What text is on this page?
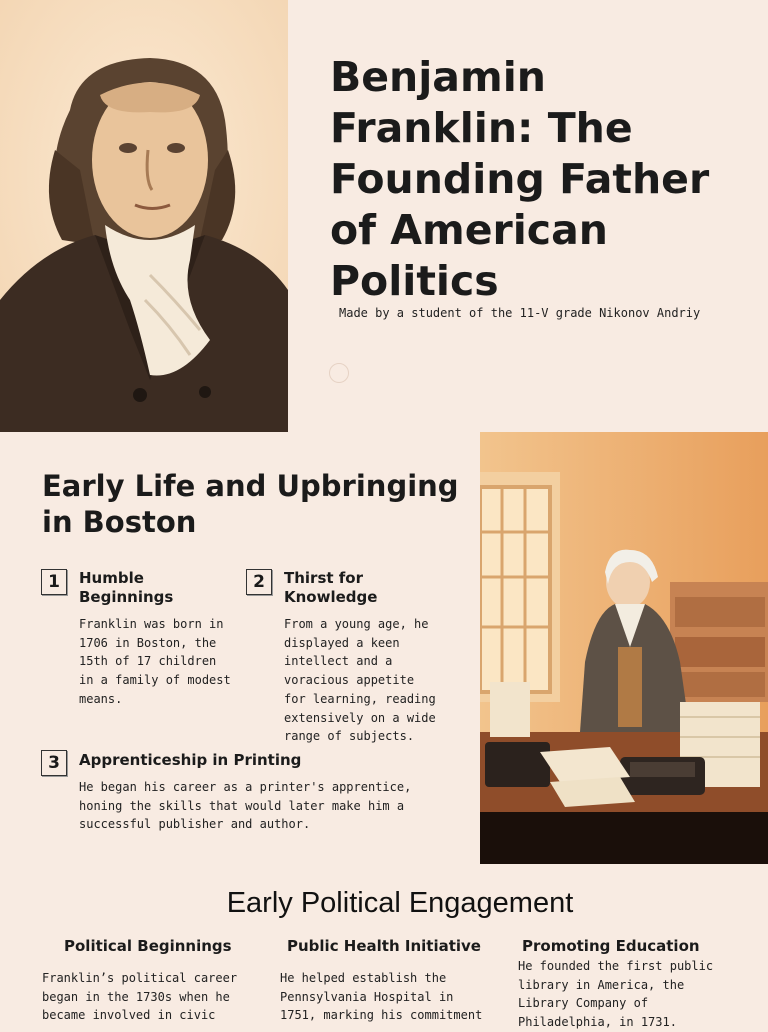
Benjamin Franklin: The Founding Father of American Politics
Made by a student of the 11-V grade Nikonov Andriy
Early Life and Upbringing in Boston
1	Humble Beginnings
Franklin was born in 1706 in Boston, the 15th of 17 children in a family of modest means.
2	Thirst for Knowledge
From a young age, he displayed a keen intellect and a voracious appetite for learning, reading extensively on a wide range of subjects.
3	Apprenticeship in Printing
He began his career as a printer's apprentice, honing the skills that would later make him a successful publisher and author.
Early Political Engagement
Political Beginnings
Franklin’s political career began in the 1730s when he became involved in civic
Public Health Initiative
He helped establish the Pennsylvania Hospital in 1751, marking his commitment
Promoting Education
He founded the first public library in America, the Library Company of Philadelphia, in 1731.
